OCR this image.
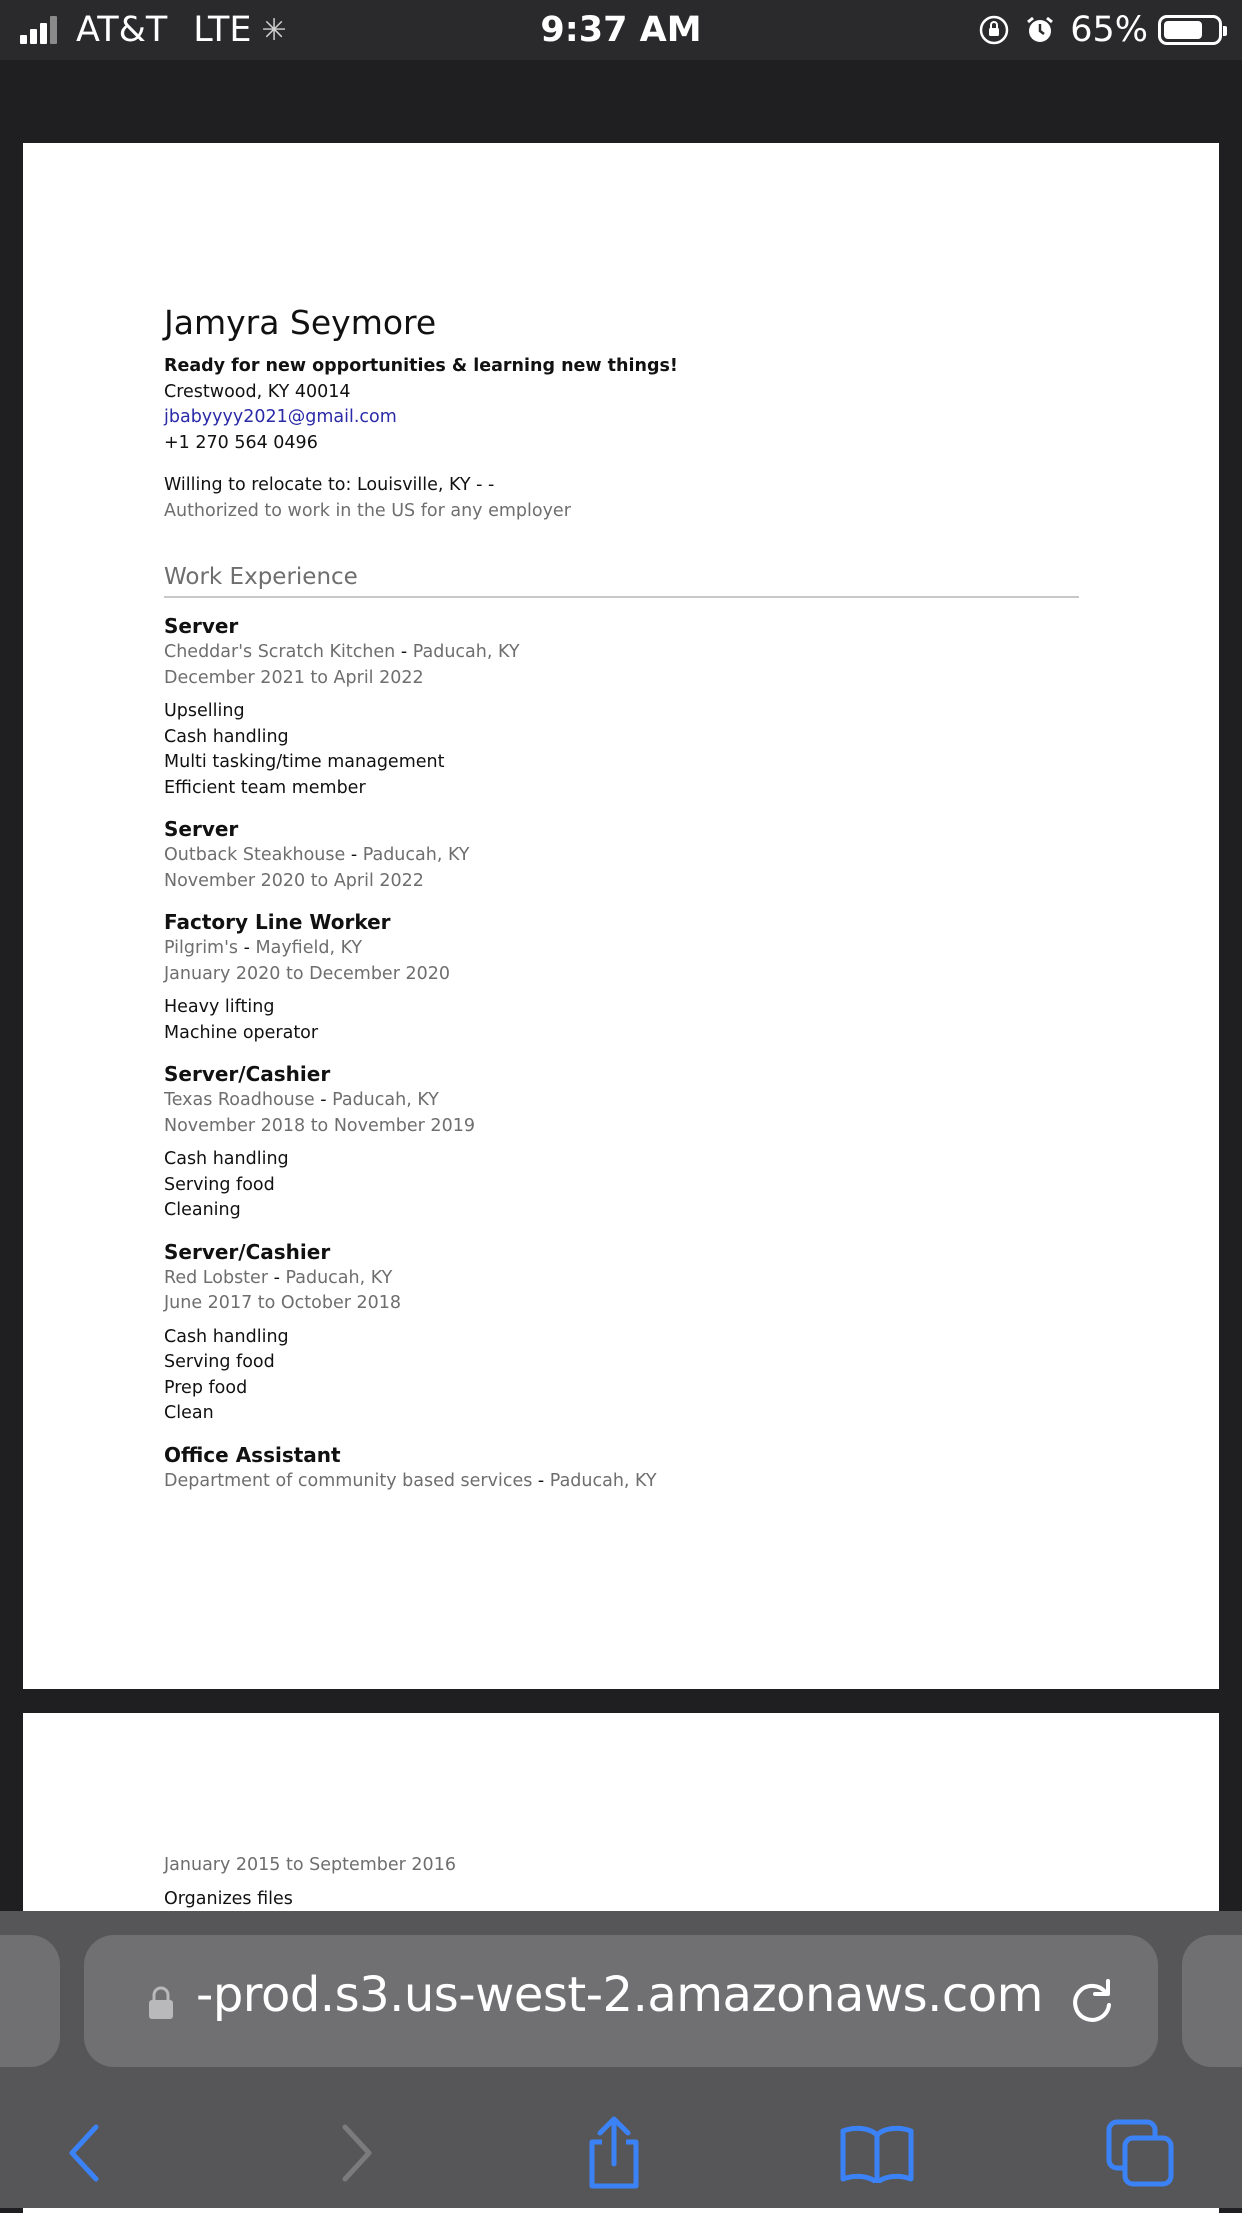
AT&T LTE ✳	9:37 AM	65%
Jamyra Seymore
Ready for new opportunities & learning new things!
Crestwood, KY 40014
jbabyyyy2021@gmail.com
+1 270 564 0496
Willing to relocate to: Louisville, KY - -
Authorized to work in the US for any employer
Work Experience
Server
Cheddar's Scratch Kitchen - Paducah, KY
December 2021 to April 2022
Upselling
Cash handling
Multi tasking/time management
Efficient team member
Server
Outback Steakhouse - Paducah, KY
November 2020 to April 2022
Factory Line Worker
Pilgrim's - Mayfield, KY
January 2020 to December 2020
Heavy lifting
Machine operator
Server/Cashier
Texas Roadhouse - Paducah, KY
November 2018 to November 2019
Cash handling
Serving food
Cleaning
Server/Cashier
Red Lobster - Paducah, KY
June 2017 to October 2018
Cash handling
Serving food
Prep food
Clean
Office Assistant
Department of community based services - Paducah, KY
January 2015 to September 2016
Organizes files
-prod.s3.us-west-2.amazonaws.com
